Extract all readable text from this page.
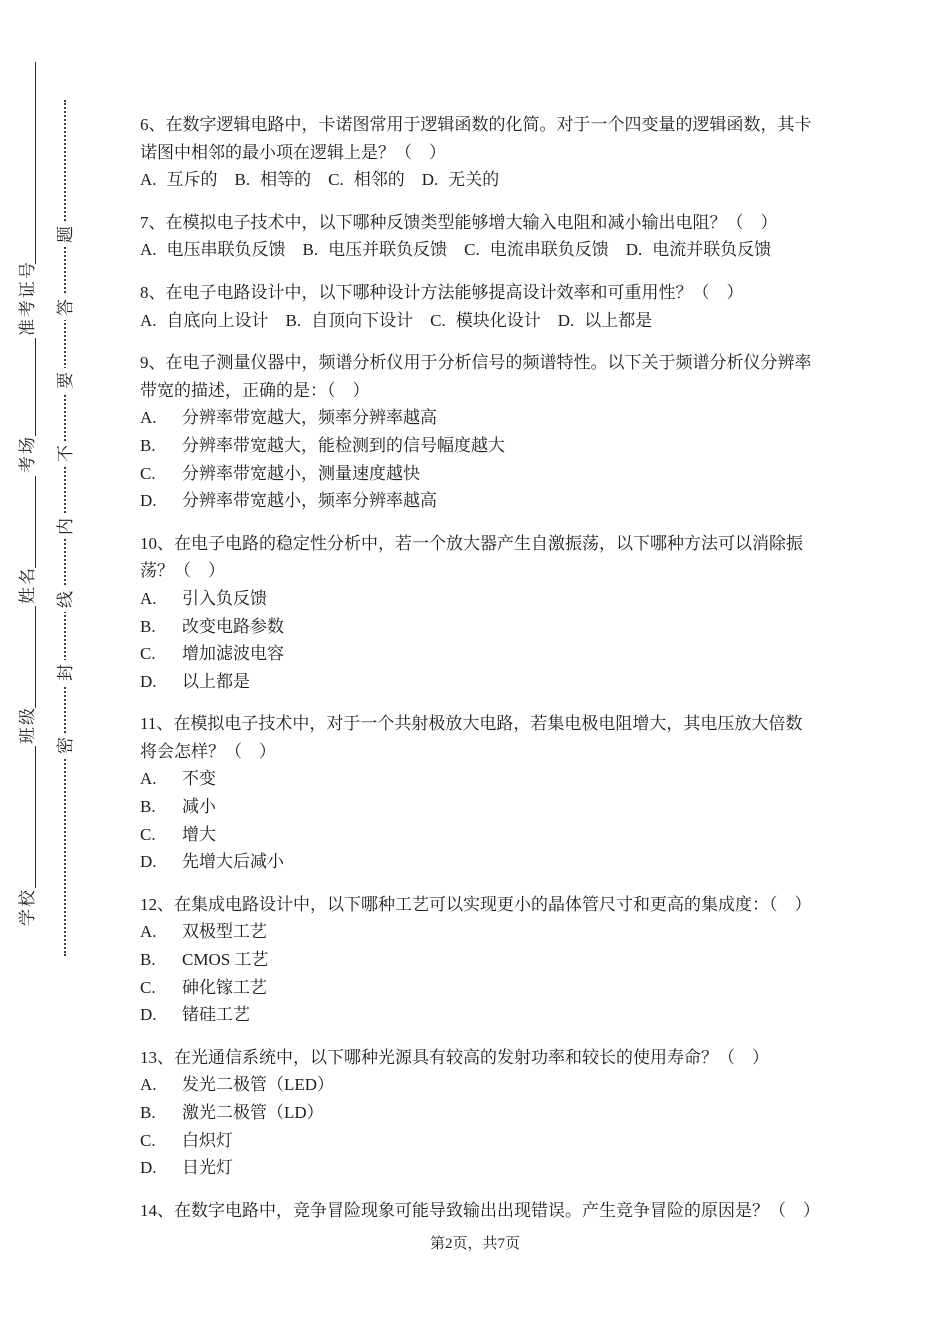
学校
班级
姓名
考场
准考证号
密
封
线
内
不
要
答
题
6、在数字逻辑电路中，卡诺图常用于逻辑函数的化简。对于一个四变量的逻辑函数，其卡诺图中相邻的最小项在逻辑上是？（　）
A. 互斥的 B. 相等的 C. 相邻的 D. 无关的
7、在模拟电子技术中，以下哪种反馈类型能够增大输入电阻和减小输出电阻？（　）
A. 电压串联负反馈 B. 电压并联负反馈 C. 电流串联负反馈 D. 电流并联负反馈
8、在电子电路设计中，以下哪种设计方法能够提高设计效率和可重用性？（　）
A. 自底向上设计 B. 自顶向下设计 C. 模块化设计 D. 以上都是
9、在电子测量仪器中，频谱分析仪用于分析信号的频谱特性。以下关于频谱分析仪分辨率带宽的描述，正确的是：（　）
A. 分辨率带宽越大，频率分辨率越高
B. 分辨率带宽越大，能检测到的信号幅度越大
C. 分辨率带宽越小，测量速度越快
D. 分辨率带宽越小，频率分辨率越高
10、在电子电路的稳定性分析中，若一个放大器产生自激振荡，以下哪种方法可以消除振荡？（　）
A. 引入负反馈
B. 改变电路参数
C. 增加滤波电容
D. 以上都是
11、在模拟电子技术中，对于一个共射极放大电路，若集电极电阻增大，其电压放大倍数将会怎样？（　）
A. 不变
B. 减小
C. 增大
D. 先增大后减小
12、在集成电路设计中，以下哪种工艺可以实现更小的晶体管尺寸和更高的集成度：（　）
A. 双极型工艺
B. CMOS 工艺
C. 砷化镓工艺
D. 锗硅工艺
13、在光通信系统中，以下哪种光源具有较高的发射功率和较长的使用寿命？（　）
A. 发光二极管（LED）
B. 激光二极管（LD）
C. 白炽灯
D. 日光灯
14、在数字电路中，竞争冒险现象可能导致输出出现错误。产生竞争冒险的原因是？（　）
第2页，共7页
